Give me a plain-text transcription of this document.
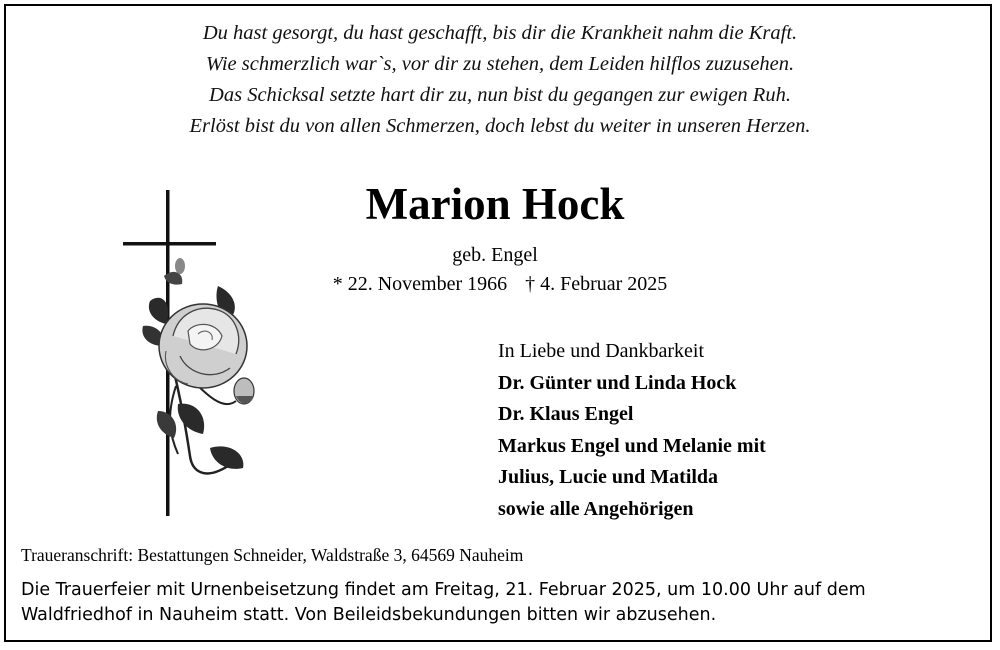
Du hast gesorgt, du hast geschafft, bis dir die Krankheit nahm die Kraft.
Wie schmerzlich war`s, vor dir zu stehen, dem Leiden hilflos zuzusehen.
Das Schicksal setzte hart dir zu, nun bist du gegangen zur ewigen Ruh.
Erlöst bist du von allen Schmerzen, doch lebst du weiter in unseren Herzen.
Marion Hock
geb. Engel
* 22. November 1966 † 4. Februar 2025
In Liebe und Dankbarkeit
Dr. Günter und Linda Hock
Dr. Klaus Engel
Markus Engel und Melanie mit
Julius, Lucie und Matilda
sowie alle Angehörigen
Traueranschrift: Bestattungen Schneider, Waldstraße 3, 64569 Nauheim
Die Trauerfeier mit Urnenbeisetzung findet am Freitag, 21. Februar 2025, um 10.00 Uhr auf dem
Waldfriedhof in Nauheim statt. Von Beileidsbekundungen bitten wir abzusehen.
